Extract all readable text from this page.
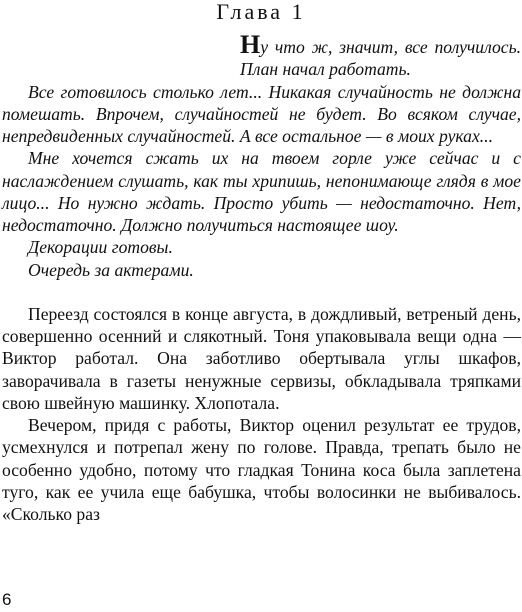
Глава 1

Ну что ж, значит, все получилось. План начал работать.

Все готовилось столько лет... Никакая случайность не должна помешать. Впрочем, случайностей не будет. Во всяком случае, непредвиденных случайностей. А все остальное — в моих руках...

Мне хочется сжать их на твоем горле уже сейчас и с наслаждением слушать, как ты хрипишь, непонимающе глядя в мое лицо... Но нужно ждать. Просто убить — недостаточно. Нет, недостаточно. Должно получиться настоящее шоу.

Декорации готовы.

Очередь за актерами.

Переезд состоялся в конце августа, в дождливый, ветреный день, совершенно осенний и слякотный. Тоня упаковывала вещи одна — Виктор работал. Она заботливо обертывала углы шкафов, заворачивала в газеты ненужные сервизы, обкладывала тряпками свою швейную машинку. Хлопотала.

Вечером, придя с работы, Виктор оценил результат ее трудов, усмехнулся и потрепал жену по голове. Правда, трепать было не особенно удобно, потому что гладкая Тонина коса была заплетена туго, как ее учила еще бабушка, чтобы волосинки не выбивалось. «Сколько раз

6
